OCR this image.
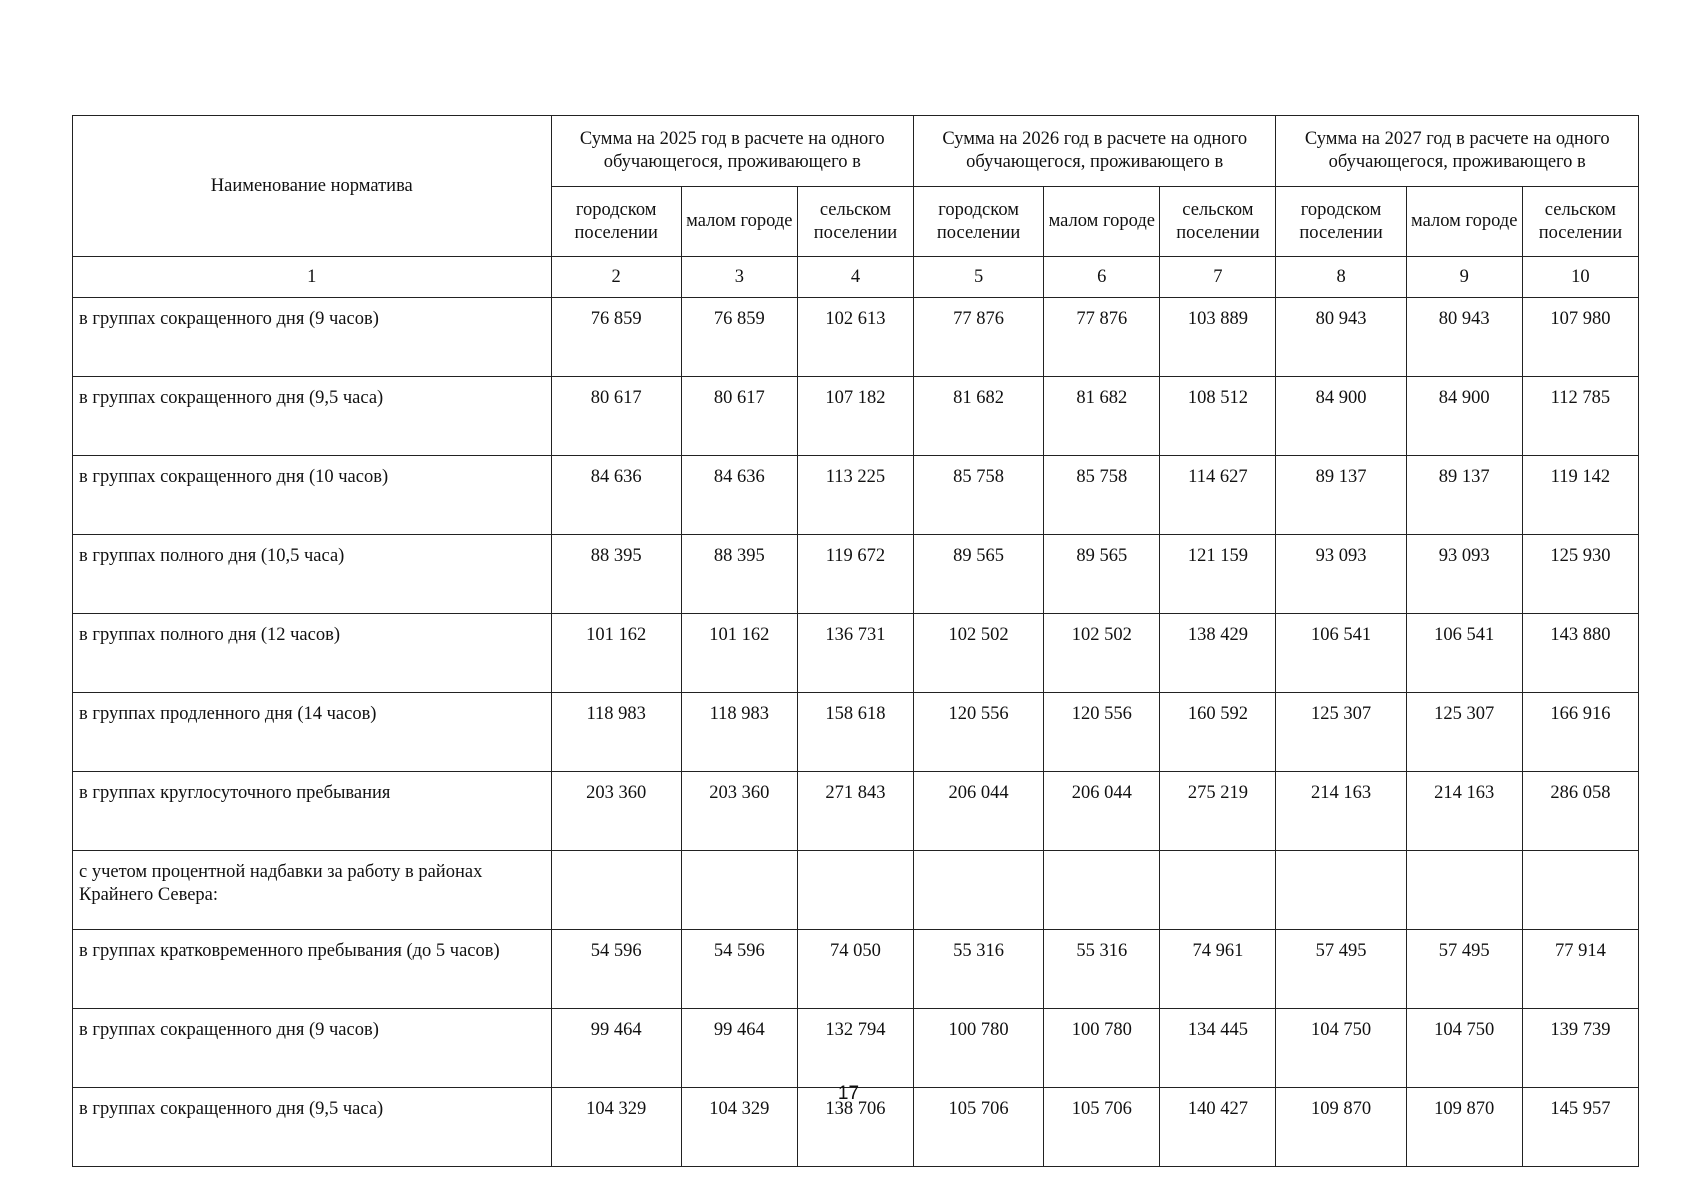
Наименование норматива	Сумма на 2025 год в расчете на одного обучающегося, проживающего в			Сумма на 2026 год в расчете на одного обучающегося, проживающего в			Сумма на 2027 год в расчете на одного обучающегося, проживающего в		
	городском поселении	малом городе	сельском поселении	городском поселении	малом городе	сельском поселении	городском поселении	малом городе	сельском поселении
1	2	3	4	5	6	7	8	9	10
в группах сокращенного дня (9 часов)	76 859	76 859	102 613	77 876	77 876	103 889	80 943	80 943	107 980
в группах сокращенного дня (9,5 часа)	80 617	80 617	107 182	81 682	81 682	108 512	84 900	84 900	112 785
в группах сокращенного дня (10 часов)	84 636	84 636	113 225	85 758	85 758	114 627	89 137	89 137	119 142
в группах полного дня (10,5 часа)	88 395	88 395	119 672	89 565	89 565	121 159	93 093	93 093	125 930
в группах полного дня (12 часов)	101 162	101 162	136 731	102 502	102 502	138 429	106 541	106 541	143 880
в группах продленного дня (14 часов)	118 983	118 983	158 618	120 556	120 556	160 592	125 307	125 307	166 916
в группах круглосуточного пребывания	203 360	203 360	271 843	206 044	206 044	275 219	214 163	214 163	286 058
с учетом процентной надбавки за работу в районах Крайнего Севера:									
в группах кратковременного пребывания (до 5 часов)	54 596	54 596	74 050	55 316	55 316	74 961	57 495	57 495	77 914
в группах сокращенного дня (9 часов)	99 464	99 464	132 794	100 780	100 780	134 445	104 750	104 750	139 739
в группах сокращенного дня (9,5 часа)	104 329	104 329	138 706	105 706	105 706	140 427	109 870	109 870	145 957
17
